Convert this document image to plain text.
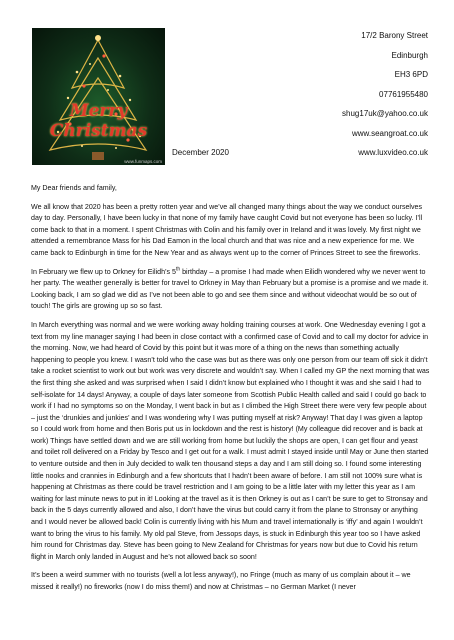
Merry
Christmas
www.funmaps.com
17/2 Barony Street
Edinburgh
EH3 6PD
07761955480
shug17uk@yahoo.co.uk
www.seangroat.co.uk
www.luxvideo.co.uk
December 2020

My Dear friends and family,

We all know that 2020 has been a pretty rotten year and we’ve all changed many things about the way we conduct ourselves day to day. Personally, I have been lucky in that none of my family have caught Covid but not everyone has been so lucky. I’ll come back to that in a moment. I spent Christmas with Colin and his family over in Ireland and it was lovely. My first night we attended a remembrance Mass for his Dad Eamon in the local church and that was nice and a new experience for me. We came back to Edinburgh in time for the New Year and as always went up to the corner of Princes Street to see the fireworks.

In February we flew up to Orkney for Eilidh’s 5th birthday – a promise I had made when Eilidh wondered why we never went to her party. The weather generally is better for travel to Orkney in May than February but a promise is a promise and we made it. Looking back, I am so glad we did as I’ve not been able to go and see them since and without videochat would be so out of touch! The girls are growing up so so fast.

In March everything was normal and we were working away holding training courses at work. One Wednesday evening I got a text from my line manager saying I had been in close contact with a confirmed case of Covid and to call my doctor for advice in the morning. Now, we had heard of Covid by this point but it was more of a thing on the news than something actually happening to people you knew. I wasn’t told who the case was but as there was only one person from our team off sick it didn’t take a rocket scientist to work out but work was very discrete and wouldn’t say. When I called my GP the next morning that was the first thing she asked and was surprised when I said I didn’t know but explained who I thought it was and she said I had to self-isolate for 14 days! Anyway, a couple of days later someone from Scottish Public Health called and said I could go back to work if I had no symptoms so on the Monday, I went back in but as I climbed the High Street there were very few people about – just the ‘drunkies and junkies’ and I was wondering why I was putting myself at risk? Anyway! That day I was given a laptop so I could work from home and then Boris put us in lockdown and the rest is history! (My colleague did recover and is back at work) Things have settled down and we are still working from home but luckily the shops are open, I can get flour and yeast and toilet roll delivered on a Friday by Tesco and I get out for a walk. I must admit I stayed inside until May or June then started to venture outside and then in July decided to walk ten thousand steps a day and I am still doing so. I found some interesting little nooks and crannies in Edinburgh and a few shortcuts that I hadn’t been aware of before. I am still not 100% sure what is happening at Christmas as there could be travel restriction and I am going to be a little later with my letter this year as I am waiting for last minute news to put in it! Looking at the travel as it is then Orkney is out as I can’t be sure to get to Stronsay and back in the 5 days currently allowed and also, I don’t have the virus but could carry it from the plane to Stronsay or anything and I would never be allowed back! Colin is currently living with his Mum and travel internationally is ‘iffy’ and again I wouldn’t want to bring the virus to his family. My old pal Steve, from Jessops days, is stuck in Edinburgh this year too so I have asked him round for Christmas day. Steve has been going to New Zealand for Christmas for years now but due to Covid his return flight in March only landed in August and he’s not allowed back so soon!

It’s been a weird summer with no tourists (well a lot less anyway!), no Fringe (much as many of us complain about it – we missed it really!) no fireworks (now I do miss them!) and now at Christmas – no German Market (I never
